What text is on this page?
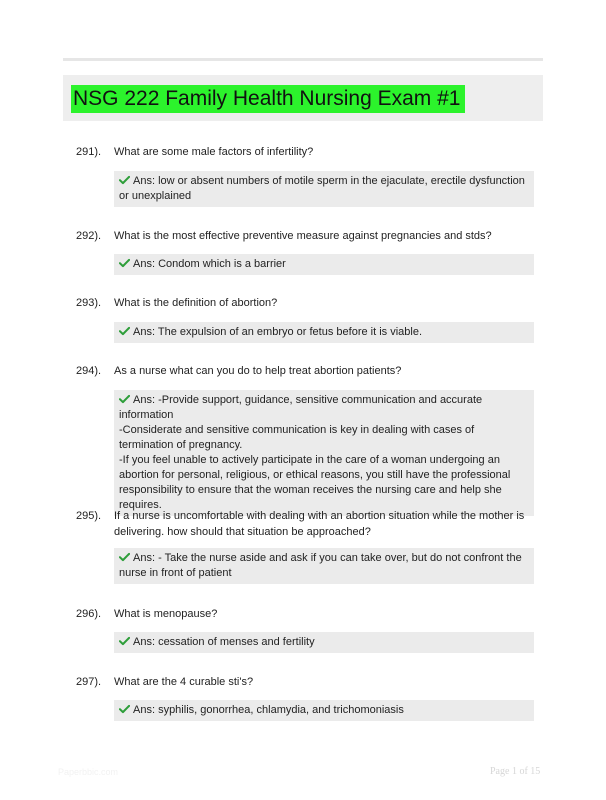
NSG 222 Family Health Nursing Exam #1
291). What are some male factors of infertility?
Ans: low or absent numbers of motile sperm in the ejaculate, erectile dysfunction or unexplained
292). What is the most effective preventive measure against pregnancies and stds?
Ans: Condom which is a barrier
293). What is the definition of abortion?
Ans: The expulsion of an embryo or fetus before it is viable.
294). As a nurse what can you do to help treat abortion patients?
Ans: -Provide support, guidance, sensitive communication and accurate information
-Considerate and sensitive communication is key in dealing with cases of termination of pregnancy.
-If you feel unable to actively participate in the care of a woman undergoing an abortion for personal, religious, or ethical reasons, you still have the professional responsibility to ensure that the woman receives the nursing care and help she requires.
295). If a nurse is uncomfortable with dealing with an abortion situation while the mother is delivering. how should that situation be approached?
Ans: - Take the nurse aside and ask if you can take over, but do not confront the nurse in front of patient
296). What is menopause?
Ans: cessation of menses and fertility
297). What are the 4 curable sti's?
Ans: syphilis, gonorrhea, chlamydia, and trichomoniasis
Paperbbic.com	Page 1 of 15
